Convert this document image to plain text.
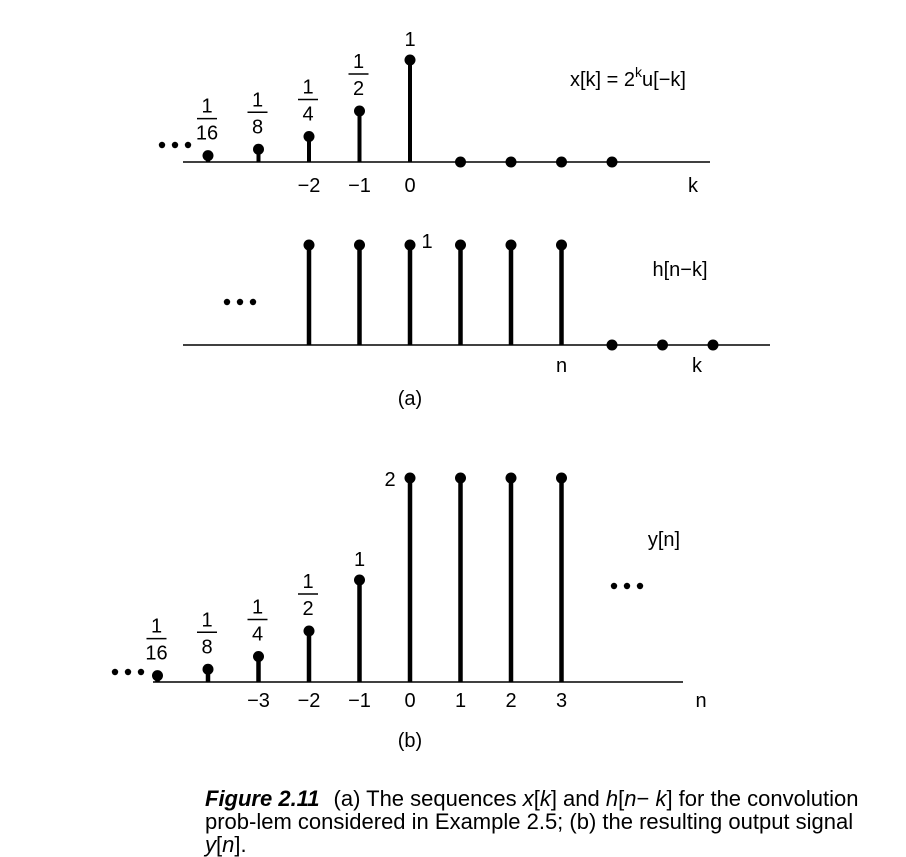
1
16
1
8
1
4
1
2
1
−2 −1 0	k
$x[k] = 2^ku[-k]$
1
n	k
h[n−k]
(a)
1
16
1
8
1
4
1
2
1
2
−3 −2 −1 0 1 2 3	n
y[n]
(b)
Figure 2.11 (a) The sequences x[k] and h[n− k] for the convolution prob-lem considered in Example 2.5; (b) the resulting output signal y[n].
